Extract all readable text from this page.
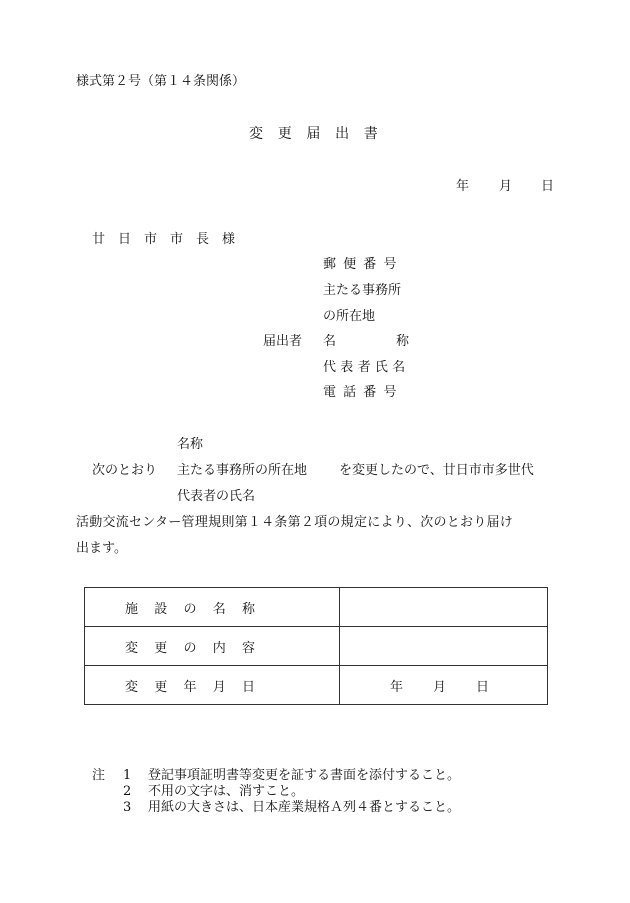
様式第２号（第１４条関係）
変更届出書
年 月 日
廿日市市長様
届出者
郵便番号
主たる事務所
の所在地
名	称
代表者氏名
電話番号
名称
次のとおり 主たる事務所の所在地 を変更したので、廿日市市多世代
代表者の氏名
活動交流センター管理規則第１４条第２項の規定により、次のとおり届け
出ます。
施設の名称	
変更の内容	
変更年月日	年 月 日
注 1 登記事項証明書等変更を証する書面を添付すること。
2 不用の文字は、消すこと。
3 用紙の大きさは、日本産業規格Ａ列４番とすること。
